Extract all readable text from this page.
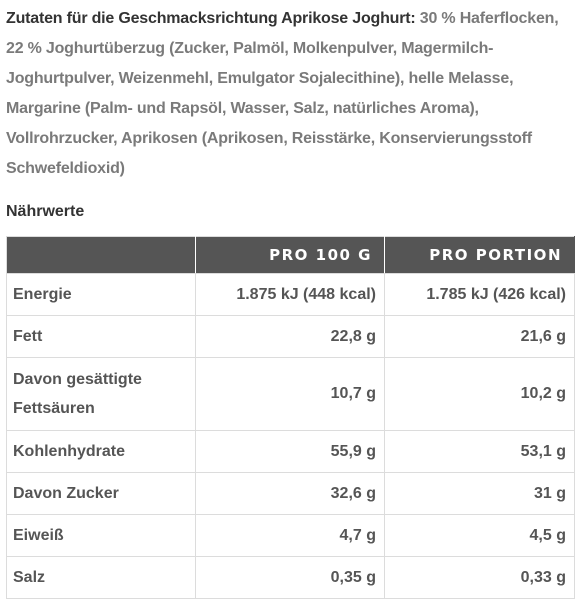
Zutaten für die Geschmacksrichtung Aprikose Joghurt: 30 % Haferflocken, 22 % Joghurtüberzug (Zucker, Palmöl, Molkenpulver, Magermilch-Joghurtpulver, Weizenmehl, Emulgator Sojalecithine), helle Melasse, Margarine (Palm- und Rapsöl, Wasser, Salz, natürliches Aroma), Vollrohrzucker, Aprikosen (Aprikosen, Reisstärke, Konservierungsstoff Schwefeldioxid)

Nährwerte
	PRO 100 G	PRO PORTION
Energie	1.875 kJ (448 kcal)	1.785 kJ (426 kcal)
Fett	22,8 g	21,6 g
Davon gesättigte Fettsäuren	10,7 g	10,2 g
Kohlenhydrate	55,9 g	53,1 g
Davon Zucker	32,6 g	31 g
Eiweiß	4,7 g	4,5 g
Salz	0,35 g	0,33 g
